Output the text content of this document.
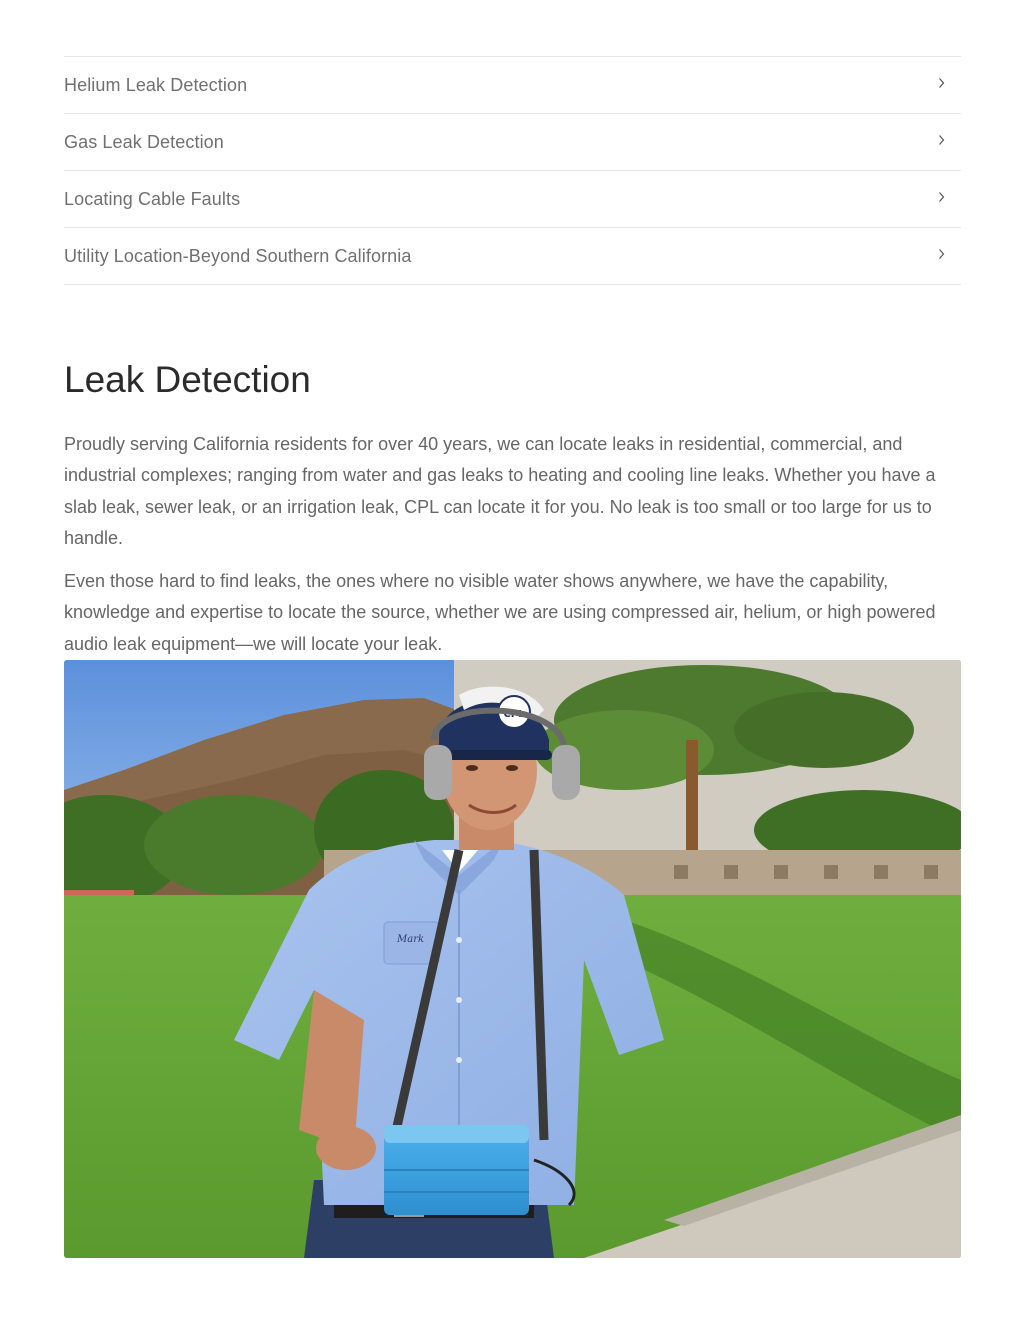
Helium Leak Detection
Gas Leak Detection
Locating Cable Faults
Utility Location-Beyond Southern California
Leak Detection

Proudly serving California residents for over 40 years, we can locate leaks in residential, commercial, and industrial complexes; ranging from water and gas leaks to heating and cooling line leaks. Whether you have a slab leak, sewer leak, or an irrigation leak, CPL can locate it for you. No leak is too small or too large for us to handle.

Even those hard to find leaks, the ones where no visible water shows anywhere, we have the capability, knowledge and expertise to locate the source, whether we are using compressed air, helium, or high powered audio leak equipment—we will locate your leak.

Mark
CPL
